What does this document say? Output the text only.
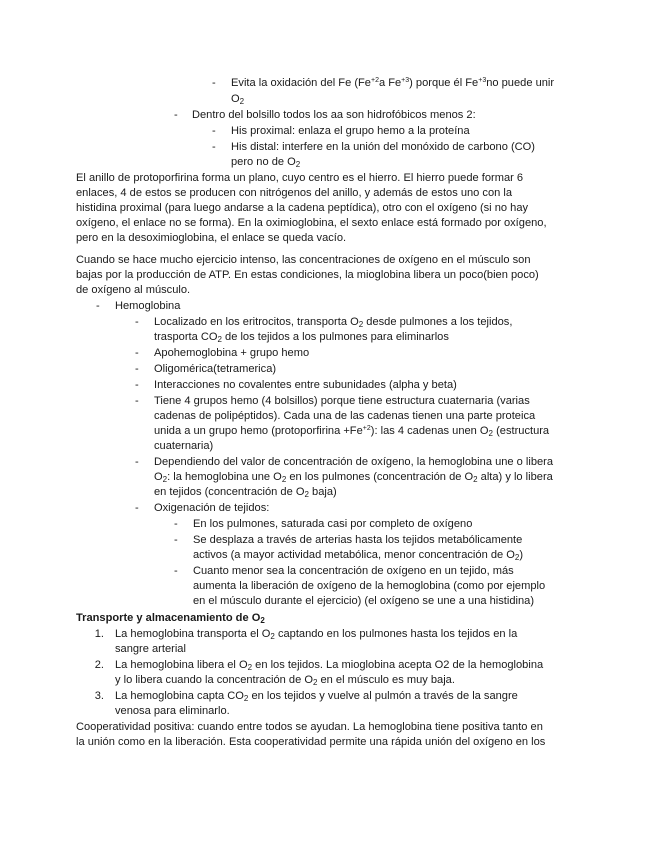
- Evita la oxidación del Fe ($Fe^{+2}a$ $Fe^{+3}$) porque él $Fe^{+3}no$ puede unir
$O_2$
- Dentro del bolsillo todos los aa son hidrofóbicos menos 2:
- His proximal: enlaza el grupo hemo a la proteína
- His distal: interfere en la unión del monóxido de carbono (CO)
pero no de $O_2$
El anillo de protoporfirina forma un plano, cuyo centro es el hierro. El hierro puede formar 6
enlaces, 4 de estos se producen con nitrógenos del anillo, y además de estos uno con la
histidina proximal (para luego andarse a la cadena peptídica), otro con el oxígeno (si no hay
oxígeno, el enlace no se forma). En la oximioglobina, el sexto enlace está formado por oxígeno,
pero en la desoximioglobina, el enlace se queda vacío.
Cuando se hace mucho ejercicio intenso, las concentraciones de oxígeno en el músculo son
bajas por la producción de ATP. En estas condiciones, la mioglobina libera un poco(bien poco)
de oxígeno al músculo.
- Hemoglobina
- Localizado en los eritrocitos, transporta $O_2$ desde pulmones a los tejidos,
trasporta $CO_2$ de los tejidos a los pulmones para eliminarlos
- Apohemoglobina + grupo hemo
- Oligomérica(tetramerica)
- Interacciones no covalentes entre subunidades (alpha y beta)
- Tiene 4 grupos hemo (4 bolsillos) porque tiene estructura cuaternaria (varias
cadenas de polipéptidos). Cada una de las cadenas tienen una parte proteica
unida a un grupo hemo (protoporfirina $+Fe^{+2}$): las 4 cadenas unen $O_2$ (estructura
cuaternaria)
- Dependiendo del valor de concentración de oxígeno, la hemoglobina une o libera
$O_2$: la hemoglobina une $O_2$ en los pulmones (concentración de $O_2$ alta) y lo libera
en tejidos (concentración de $O_2$ baja)
- Oxigenación de tejidos:
- En los pulmones, saturada casi por completo de oxígeno
- Se desplaza a través de arterias hasta los tejidos metabólicamente
activos (a mayor actividad metabólica, menor concentración de $O_2$)
- Cuanto menor sea la concentración de oxígeno en un tejido, más
aumenta la liberación de oxígeno de la hemoglobina (como por ejemplo
en el músculo durante el ejercicio) (el oxígeno se une a una histidina)
Transporte y almacenamiento de $O_2$
1. La hemoglobina transporta el $O_2$ captando en los pulmones hasta los tejidos en la
sangre arterial
2. La hemoglobina libera el $O_2$ en los tejidos. La mioglobina acepta O2 de la hemoglobina
y lo libera cuando la concentración de $O_2$ en el músculo es muy baja.
3. La hemoglobina capta $CO_2$ en los tejidos y vuelve al pulmón a través de la sangre
venosa para eliminarlo.
Cooperatividad positiva: cuando entre todos se ayudan. La hemoglobina tiene positiva tanto en
la unión como en la liberación. Esta cooperatividad permite una rápida unión del oxígeno en los
